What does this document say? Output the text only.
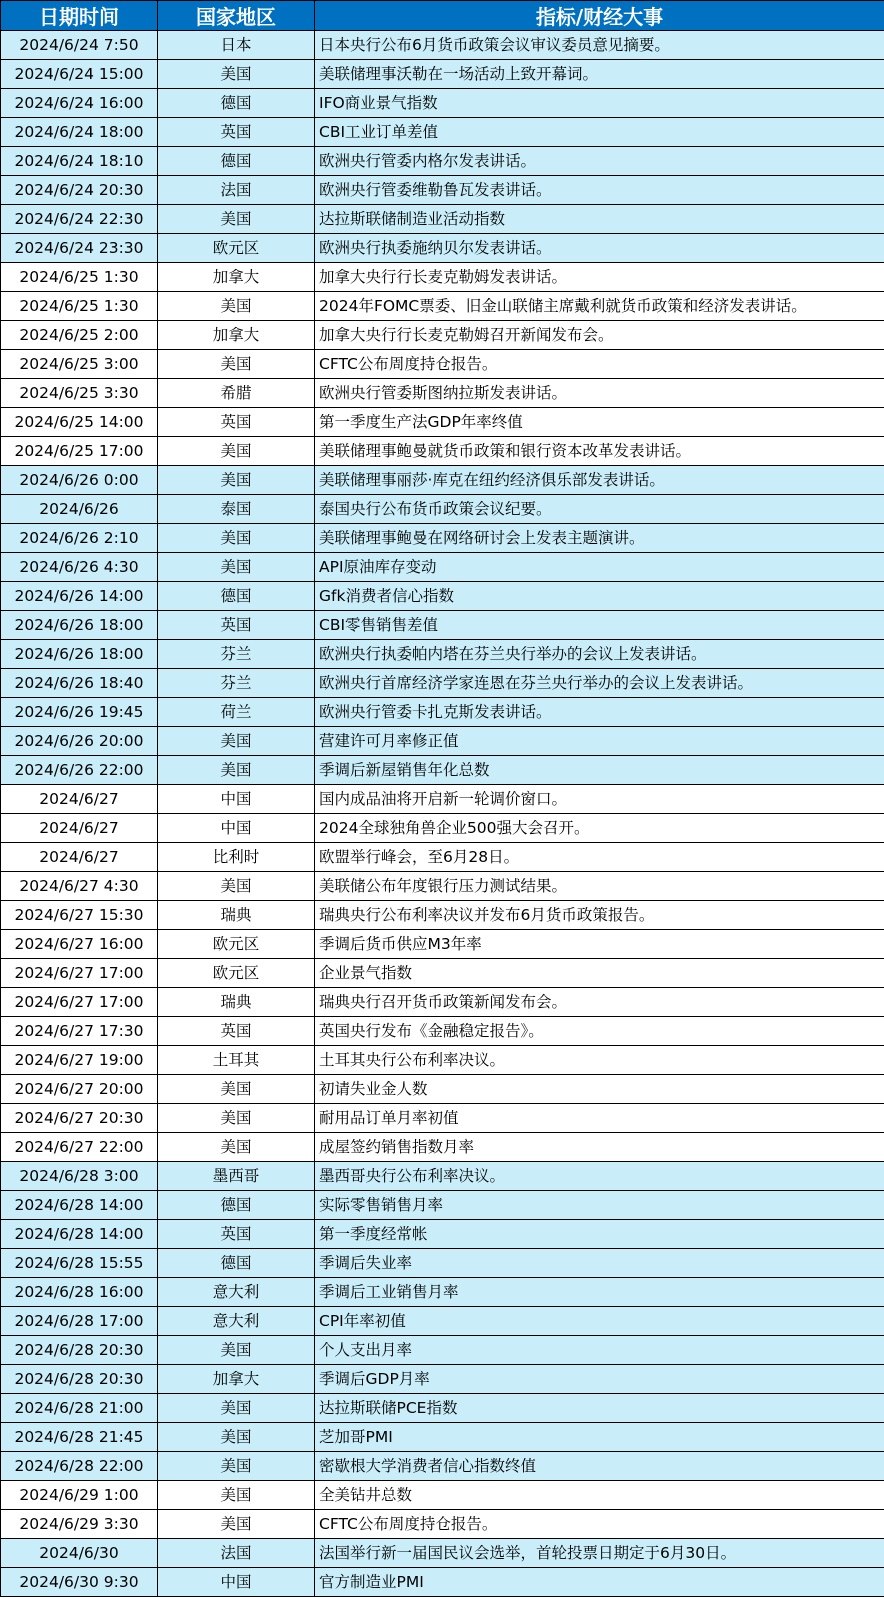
日期时间	国家地区	指标/财经大事
2024/6/24 7:50	日本	日本央行公布6月货币政策会议审议委员意见摘要。
2024/6/24 15:00	美国	美联储理事沃勒在一场活动上致开幕词。
2024/6/24 16:00	德国	IFO商业景气指数
2024/6/24 18:00	英国	CBI工业订单差值
2024/6/24 18:10	德国	欧洲央行管委内格尔发表讲话。
2024/6/24 20:30	法国	欧洲央行管委维勒鲁瓦发表讲话。
2024/6/24 22:30	美国	达拉斯联储制造业活动指数
2024/6/24 23:30	欧元区	欧洲央行执委施纳贝尔发表讲话。
2024/6/25 1:30	加拿大	加拿大央行行长麦克勒姆发表讲话。
2024/6/25 1:30	美国	2024年FOMC票委、旧金山联储主席戴利就货币政策和经济发表讲话。
2024/6/25 2:00	加拿大	加拿大央行行长麦克勒姆召开新闻发布会。
2024/6/25 3:00	美国	CFTC公布周度持仓报告。
2024/6/25 3:30	希腊	欧洲央行管委斯图纳拉斯发表讲话。
2024/6/25 14:00	英国	第一季度生产法GDP年率终值
2024/6/25 17:00	美国	美联储理事鲍曼就货币政策和银行资本改革发表讲话。
2024/6/26 0:00	美国	美联储理事丽莎·库克在纽约经济俱乐部发表讲话。
2024/6/26	泰国	泰国央行公布货币政策会议纪要。
2024/6/26 2:10	美国	美联储理事鲍曼在网络研讨会上发表主题演讲。
2024/6/26 4:30	美国	API原油库存变动
2024/6/26 14:00	德国	Gfk消费者信心指数
2024/6/26 18:00	英国	CBI零售销售差值
2024/6/26 18:00	芬兰	欧洲央行执委帕内塔在芬兰央行举办的会议上发表讲话。
2024/6/26 18:40	芬兰	欧洲央行首席经济学家连恩在芬兰央行举办的会议上发表讲话。
2024/6/26 19:45	荷兰	欧洲央行管委卡扎克斯发表讲话。
2024/6/26 20:00	美国	营建许可月率修正值
2024/6/26 22:00	美国	季调后新屋销售年化总数
2024/6/27	中国	国内成品油将开启新一轮调价窗口。
2024/6/27	中国	2024全球独角兽企业500强大会召开。
2024/6/27	比利时	欧盟举行峰会，至6月28日。
2024/6/27 4:30	美国	美联储公布年度银行压力测试结果。
2024/6/27 15:30	瑞典	瑞典央行公布利率决议并发布6月货币政策报告。
2024/6/27 16:00	欧元区	季调后货币供应M3年率
2024/6/27 17:00	欧元区	企业景气指数
2024/6/27 17:00	瑞典	瑞典央行召开货币政策新闻发布会。
2024/6/27 17:30	英国	英国央行发布《金融稳定报告》。
2024/6/27 19:00	土耳其	土耳其央行公布利率决议。
2024/6/27 20:00	美国	初请失业金人数
2024/6/27 20:30	美国	耐用品订单月率初值
2024/6/27 22:00	美国	成屋签约销售指数月率
2024/6/28 3:00	墨西哥	墨西哥央行公布利率决议。
2024/6/28 14:00	德国	实际零售销售月率
2024/6/28 14:00	英国	第一季度经常帐
2024/6/28 15:55	德国	季调后失业率
2024/6/28 16:00	意大利	季调后工业销售月率
2024/6/28 17:00	意大利	CPI年率初值
2024/6/28 20:30	美国	个人支出月率
2024/6/28 20:30	加拿大	季调后GDP月率
2024/6/28 21:00	美国	达拉斯联储PCE指数
2024/6/28 21:45	美国	芝加哥PMI
2024/6/28 22:00	美国	密歇根大学消费者信心指数终值
2024/6/29 1:00	美国	全美钻井总数
2024/6/29 3:30	美国	CFTC公布周度持仓报告。
2024/6/30	法国	法国举行新一届国民议会选举，首轮投票日期定于6月30日。
2024/6/30 9:30	中国	官方制造业PMI
